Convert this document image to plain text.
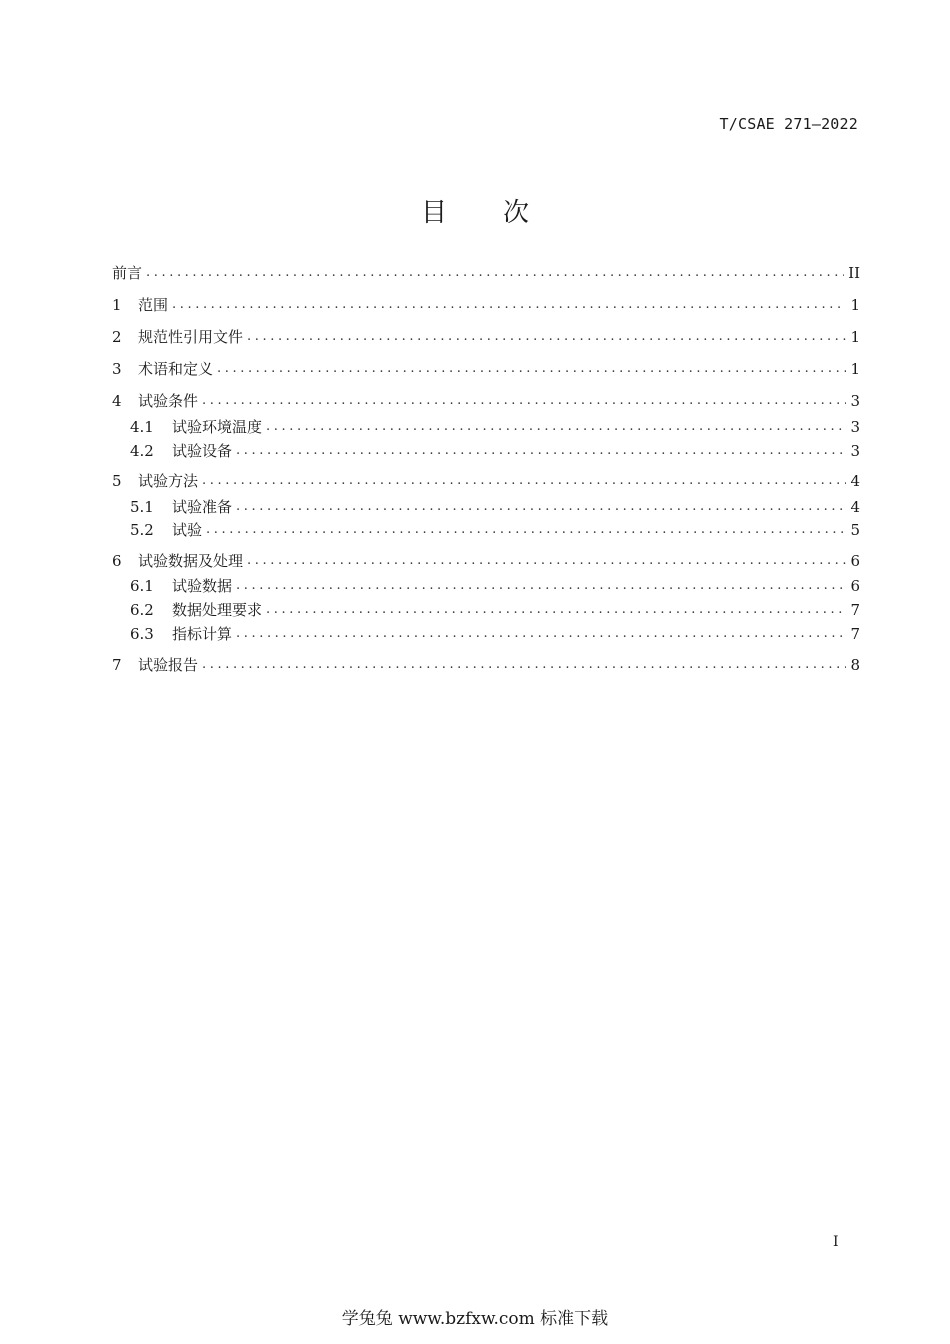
T/CSAE 271—2022
目次
前言 .....	II
1	范围 .....	1
2	规范性引用文件 .....	1
3	术语和定义 .....	1
4	试验条件 .....	3
4.1	试验环境温度 .....	3
4.2	试验设备 .....	3
5	试验方法 .....	4
5.1	试验准备 .....	4
5.2	试验 .....	5
6	试验数据及处理 .....	6
6.1	试验数据 .....	6
6.2	数据处理要求 .....	7
6.3	指标计算 .....	7
7	试验报告 .....	8
I
学兔兔 www.bzfxw.com 标准下载
